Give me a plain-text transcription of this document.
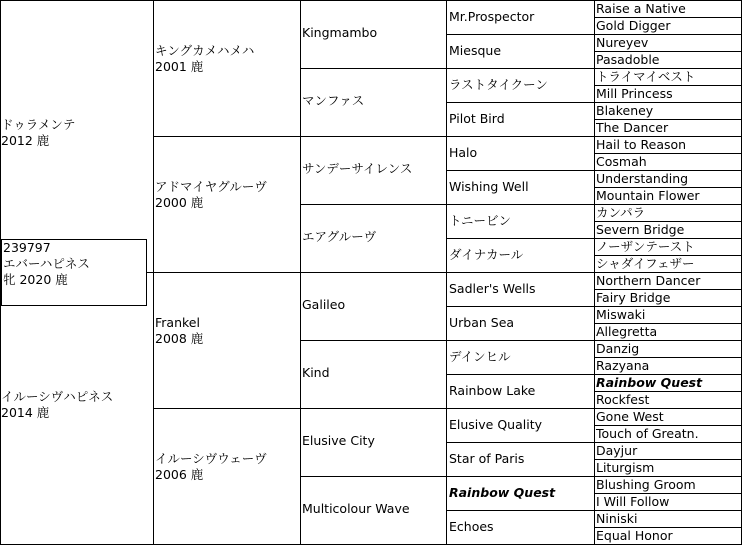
ドゥラメンテ
2012 鹿
イルーシヴハピネス
2014 鹿
キングカメハメハ
2001 鹿
アドマイヤグルーヴ
2000 鹿
Frankel
2008 鹿
イルーシヴウェーヴ
2006 鹿
Kingmambo
マンファス
サンデーサイレンス
エアグルーヴ
Galileo
Kind
Elusive City
Multicolour Wave
Mr.Prospector
Miesque
ラストタイクーン
Pilot Bird
Halo
Wishing Well
トニービン
ダイナカール
Sadler's Wells
Urban Sea
デインヒル
Rainbow Lake
Elusive Quality
Star of Paris
Rainbow Quest
Echoes
Raise a Native
Gold Digger
Nureyev
Pasadoble
トライマイベスト
Mill Princess
Blakeney
The Dancer
Hail to Reason
Cosmah
Understanding
Mountain Flower
カンパラ
Severn Bridge
ノーザンテースト
シャダイフェザー
Northern Dancer
Fairy Bridge
Miswaki
Allegretta
Danzig
Razyana
Rainbow Quest
Rockfest
Gone West
Touch of Greatn.
Dayjur
Liturgism
Blushing Groom
I Will Follow
Niniski
Equal Honor
239797
エバーハピネス
牝 2020 鹿
